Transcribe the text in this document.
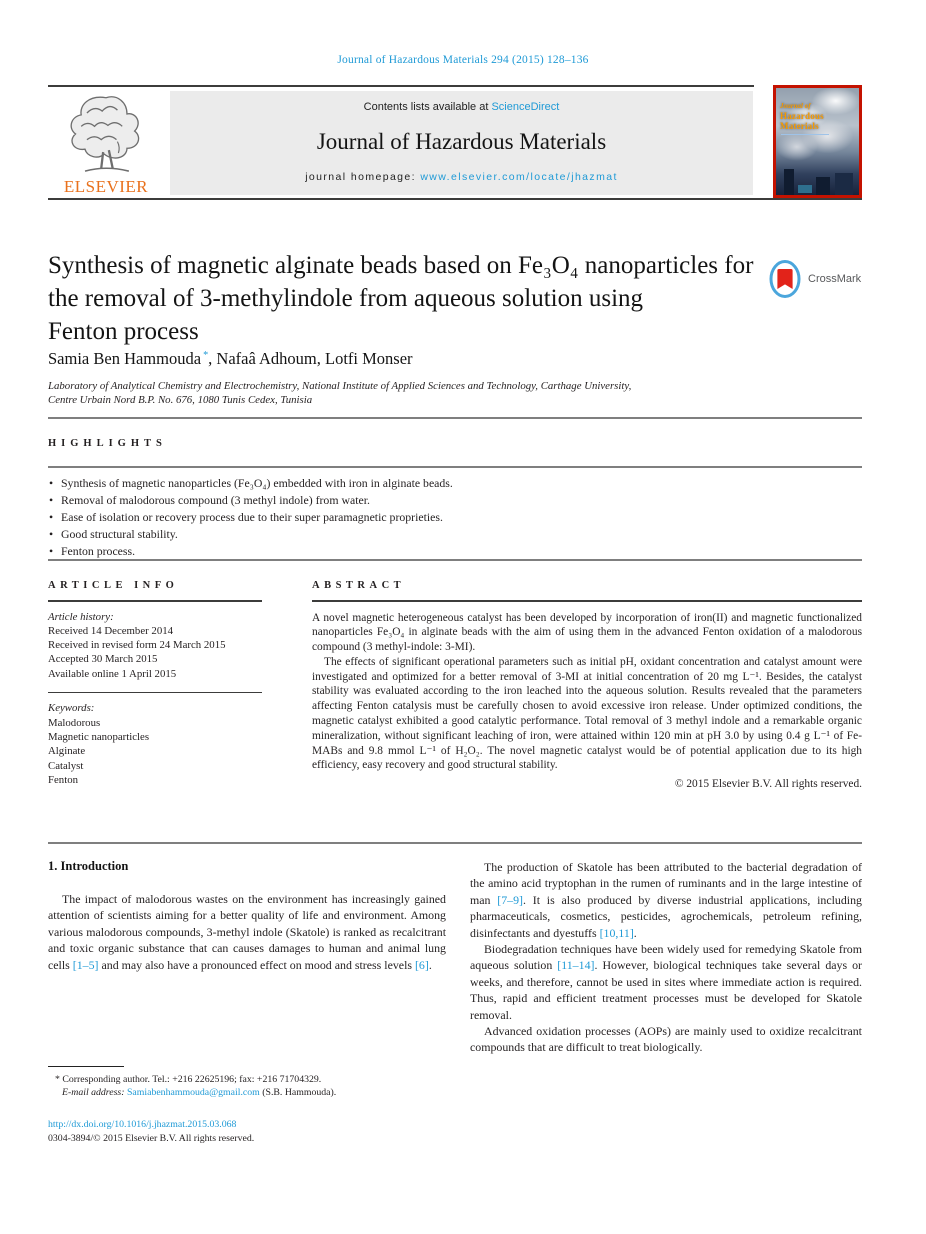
Journal of Hazardous Materials 294 (2015) 128–136
ELSEVIER
Contents lists available at ScienceDirect
Journal of Hazardous Materials
journal homepage: www.elsevier.com/locate/jhazmat
Journal of
Hazardous
Materials
Synthesis of magnetic alginate beads based on Fe₃O₄ nanoparticles for
the removal of 3-methylindole from aqueous solution using
Fenton process
CrossMark
Samia Ben Hammouda *, Nafaâ Adhoum, Lotfi Monser
Laboratory of Analytical Chemistry and Electrochemistry, National Institute of Applied Sciences and Technology, Carthage University,
Centre Urbain Nord B.P. No. 676, 1080 Tunis Cedex, Tunisia
HIGHLIGHTS
• Synthesis of magnetic nanoparticles (Fe₃O₄) embedded with iron in alginate beads.
• Removal of malodorous compound (3 methyl indole) from water.
• Ease of isolation or recovery process due to their super paramagnetic proprieties.
• Good structural stability.
• Fenton process.
ARTICLE INFO
Article history:
Received 14 December 2014
Received in revised form 24 March 2015
Accepted 30 March 2015
Available online 1 April 2015
Keywords:
Malodorous
Magnetic nanoparticles
Alginate
Catalyst
Fenton
ABSTRACT

A novel magnetic heterogeneous catalyst has been developed by incorporation of iron(II) and magnetic functionalized nanoparticles Fe₃O₄ in alginate beads with the aim of using them in the advanced Fenton oxidation of a malodorous compound (3 methyl-indole: 3-MI).

The effects of significant operational parameters such as initial pH, oxidant concentration and catalyst amount were investigated and optimized for a better removal of 3-MI at initial concentration of 20 mg L⁻¹. Besides, the catalyst stability was evaluated according to the iron leached into the aqueous solution. Results revealed that the parameters affecting Fenton catalysis must be carefully chosen to avoid excessive iron release. Under optimized conditions, the magnetic catalyst exhibited a good catalytic performance. Total removal of 3 methyl indole and a remarkable organic mineralization, without significant leaching of iron, were attained within 120 min at pH 3.0 by using 0.4 g L⁻¹ of Fe-MABs and 9.8 mmol L⁻¹ of H₂O₂. The novel magnetic catalyst would be of potential application due to its high efficiency, easy recovery and good structural stability.

© 2015 Elsevier B.V. All rights reserved.
1. Introduction

The impact of malodorous wastes on the environment has increasingly gained attention of scientists aiming for a better quality of life and environment. Among various malodorous compounds, 3-methyl indole (Skatole) is ranked as recalcitrant and toxic organic substance that can causes damages to human and animal lung cells [1–5] and may also have a pronounced effect on mood and stress levels [6].

The production of Skatole has been attributed to the bacterial degradation of the amino acid tryptophan in the rumen of ruminants and in the large intestine of man [7–9]. It is also produced by diverse industrial applications, including pharmaceuticals, cosmetics, pesticides, agrochemicals, petroleum refining, disinfectants and dyestuffs [10,11].

Biodegradation techniques have been widely used for remedying Skatole from aqueous solution [11–14]. However, biological techniques take several days or weeks, and therefore, cannot be used in sites where immediate action is required. Thus, rapid and efficient treatment processes must be developed for Skatole removal.

Advanced oxidation processes (AOPs) are mainly used to oxidize recalcitrant compounds that are difficult to treat biologically.

* Corresponding author. Tel.: +216 22625196; fax: +216 71704329.
E-mail address: Samiabenhammouda@gmail.com (S.B. Hammouda).
http://dx.doi.org/10.1016/j.jhazmat.2015.03.068
0304-3894/© 2015 Elsevier B.V. All rights reserved.
